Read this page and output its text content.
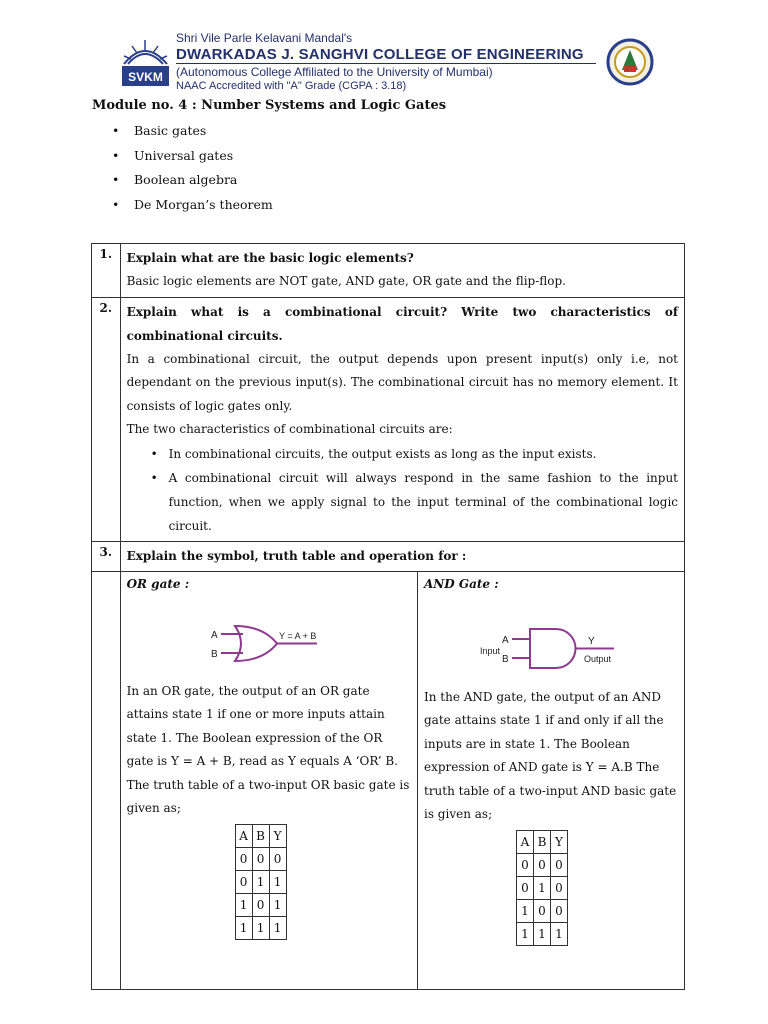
SVKM
Shri Vile Parle Kelavani Mandal's
DWARKADAS J. SANGHVI COLLEGE OF ENGINEERING
(Autonomous College Affiliated to the University of Mumbai)
NAAC Accredited with "A" Grade (CGPA : 3.18)
Module no. 4 : Number Systems and Logic Gates
• Basic gates
• Universal gates
• Boolean algebra
• De Morgan’s theorem
1.	Explain what are the basic logic elements?
Basic logic elements are NOT gate, AND gate, OR gate and the flip-flop.

2.	Explain what is a combinational circuit? Write two characteristics of combinational circuits.
In a combinational circuit, the output depends upon present input(s) only i.e, not dependant on the previous input(s). The combinational circuit has no memory element. It consists of logic gates only.
The two characteristics of combinational circuits are:
• In combinational circuits, the output exists as long as the input exists.
• A combinational circuit will always respond in the same fashion to the input function, when we apply signal to the input terminal of the combinational logic circuit.

3.	Explain the symbol, truth table and operation for :

OR gate :
A
B
Y = A + B
In an OR gate, the output of an OR gate attains state 1 if one or more inputs attain state 1. The Boolean expression of the OR gate is Y = A + B, read as Y equals A ‘OR’ B. The truth table of a two-input OR basic gate is given as;
A	B	Y
0	0	0
0	1	1
1	0	1
1	1	1

AND Gate :
A
B
Input
Y
Output
In the AND gate, the output of an AND gate attains state 1 if and only if all the inputs are in state 1. The Boolean expression of AND gate is Y = A.B The truth table of a two-input AND basic gate is given as;
A	B	Y
0	0	0
0	1	0
1	0	0
1	1	1
